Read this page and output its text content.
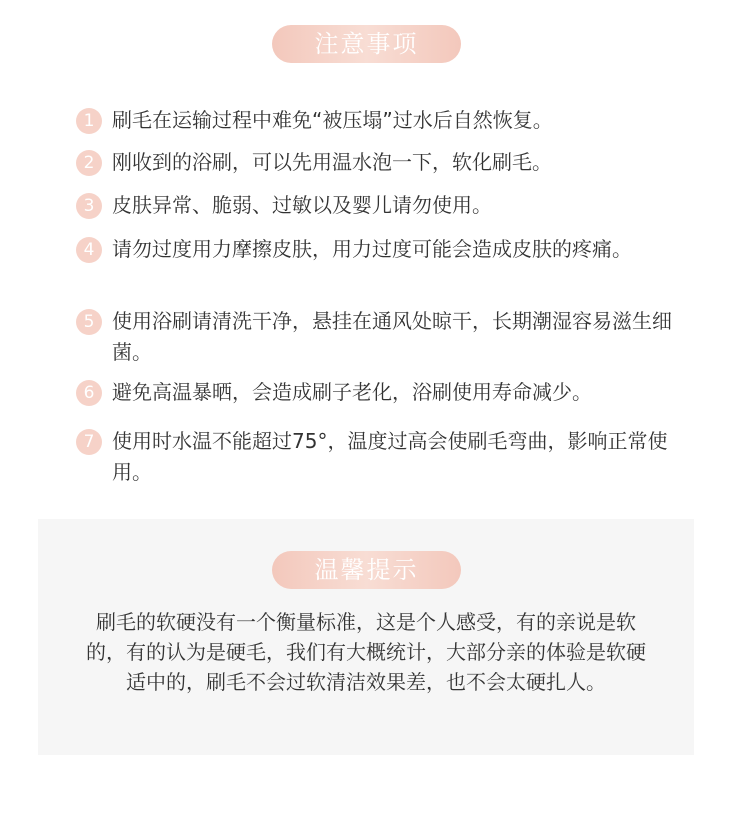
注意事项
1 刷毛在运输过程中难免“被压塌”过水后自然恢复。
2 刚收到的浴刷，可以先用温水泡一下，软化刷毛。
3 皮肤异常、脆弱、过敏以及婴儿请勿使用。
4 请勿过度用力摩擦皮肤，用力过度可能会造成皮肤的疼痛。
5 使用浴刷请清洗干净，悬挂在通风处晾干，长期潮湿容易滋生细菌。
6 避免高温暴晒，会造成刷子老化，浴刷使用寿命减少。
7 使用时水温不能超过75°，温度过高会使刷毛弯曲，影响正常使用。
温馨提示
刷毛的软硬没有一个衡量标准，这是个人感受，有的亲说是软的，有的认为是硬毛，我们有大概统计，大部分亲的体验是软硬适中的，刷毛不会过软清洁效果差，也不会太硬扎人。
